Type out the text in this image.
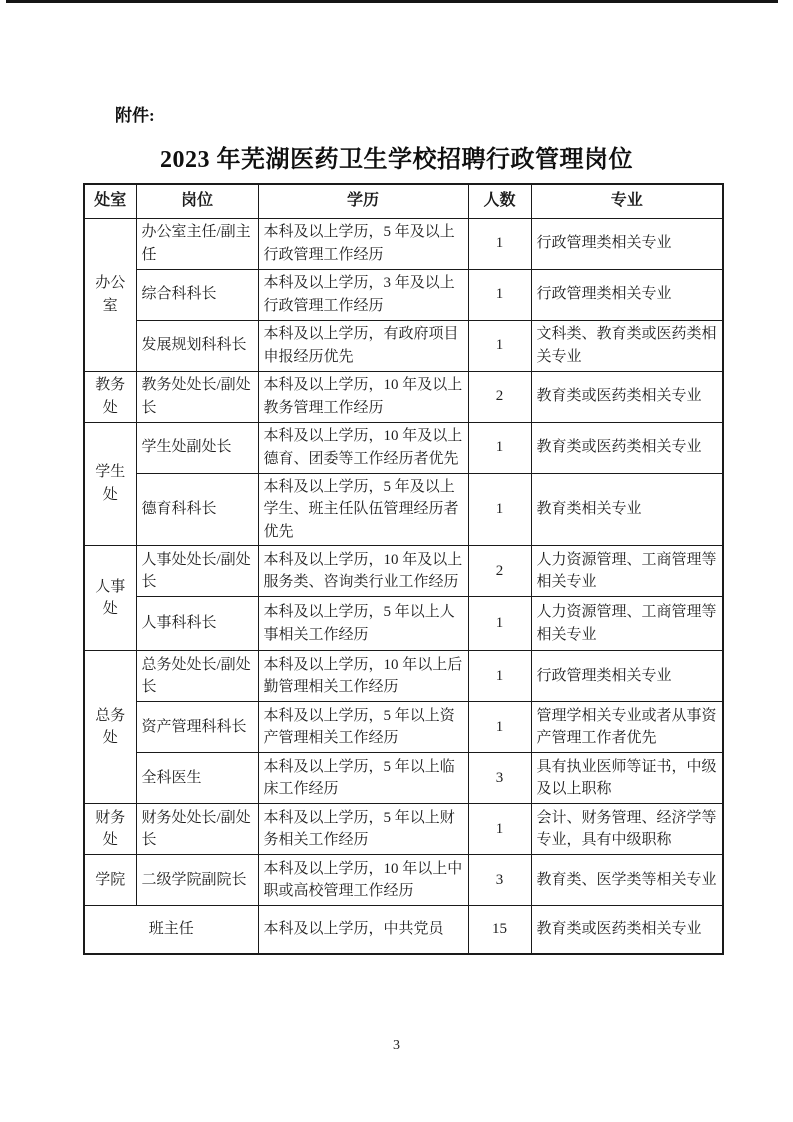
附件:
2023 年芜湖医药卫生学校招聘行政管理岗位
处室	岗位	学历	人数	专业
办公室	办公室主任/副主任	本科及以上学历，5 年及以上行政管理工作经历	1	行政管理类相关专业
	综合科科长	本科及以上学历，3 年及以上行政管理工作经历	1	行政管理类相关专业
	发展规划科科长	本科及以上学历，有政府项目申报经历优先	1	文科类、教育类或医药类相关专业
教务处	教务处处长/副处长	本科及以上学历，10 年及以上教务管理工作经历	2	教育类或医药类相关专业
学生处	学生处副处长	本科及以上学历，10 年及以上德育、团委等工作经历者优先	1	教育类或医药类相关专业
	德育科科长	本科及以上学历，5 年及以上学生、班主任队伍管理经历者优先	1	教育类相关专业
人事处	人事处处长/副处长	本科及以上学历，10 年及以上服务类、咨询类行业工作经历	2	人力资源管理、工商管理等相关专业
	人事科科长	本科及以上学历，5 年以上人事相关工作经历	1	人力资源管理、工商管理等相关专业
总务处	总务处处长/副处长	本科及以上学历，10 年以上后勤管理相关工作经历	1	行政管理类相关专业
	资产管理科科长	本科及以上学历，5 年以上资产管理相关工作经历	1	管理学相关专业或者从事资产管理工作者优先
	全科医生	本科及以上学历，5 年以上临床工作经历	3	具有执业医师等证书，中级及以上职称
财务处	财务处处长/副处长	本科及以上学历，5 年以上财务相关工作经历	1	会计、财务管理、经济学等专业，具有中级职称
学院	二级学院副院长	本科及以上学历，10 年以上中职或高校管理工作经历	3	教育类、医学类等相关专业
班主任		本科及以上学历，中共党员	15	教育类或医药类相关专业
3
